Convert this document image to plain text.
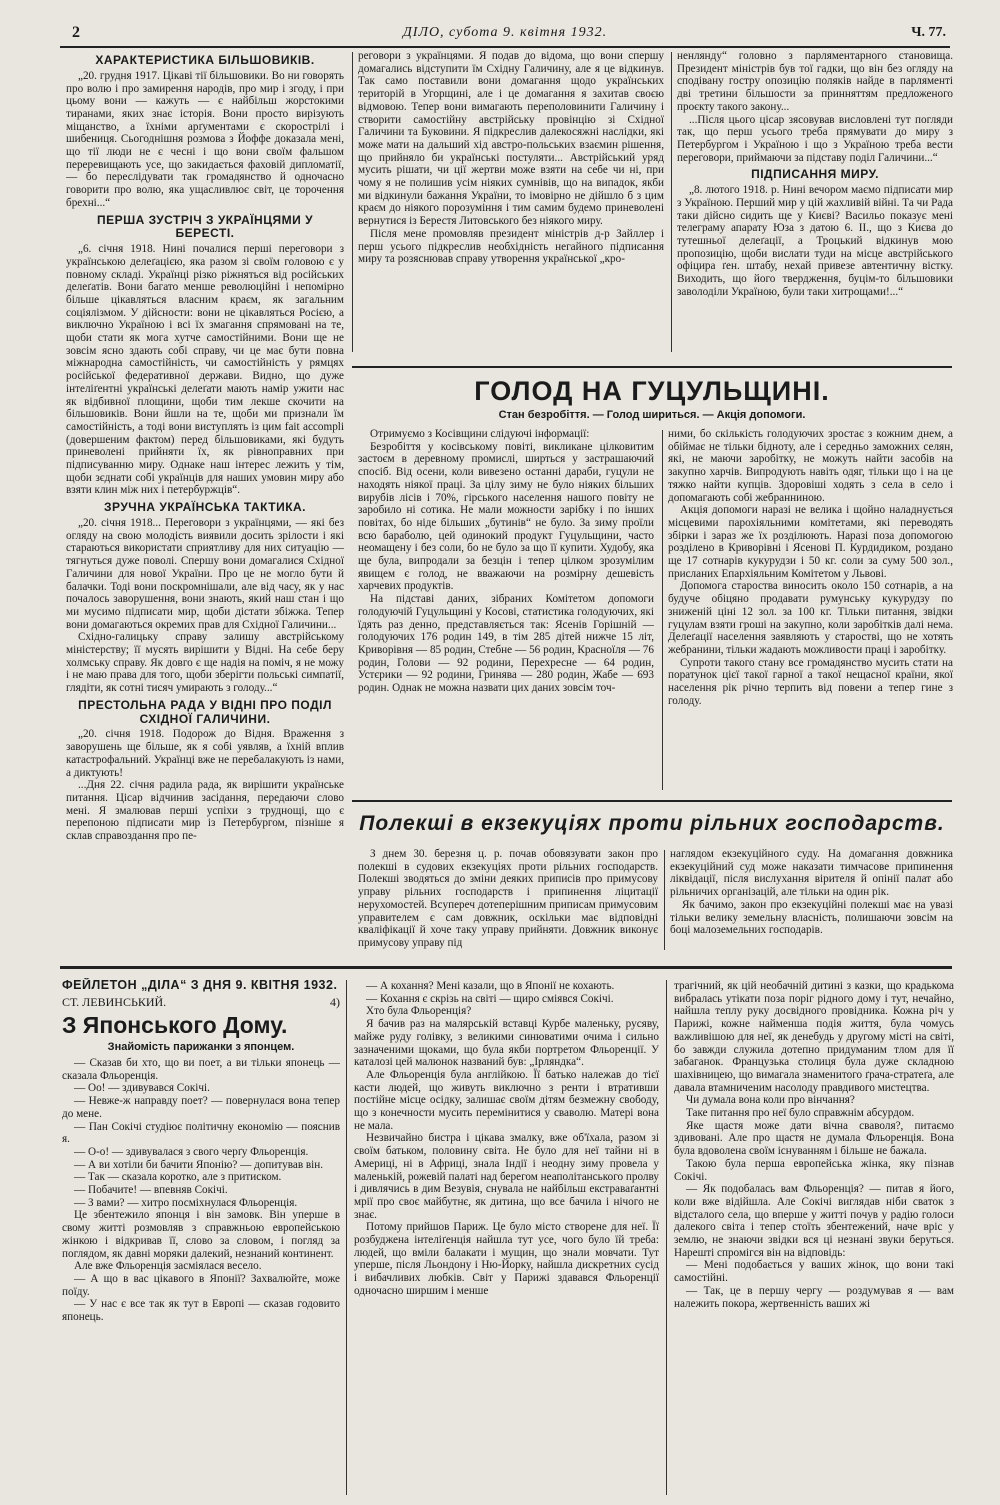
2	ДІЛО, субота 9. квітня 1932.	Ч. 77.
ХАРАКТЕРИСТИКА БІЛЬШОВИКІВ.

„20. грудня 1917. Цікаві тії більшовики. Во ни говорять про волю і про замирення народів, про мир і згоду, і при цьому вони — кажуть — є найбільш жорстокими тиранами, яких знає історія. Вони просто вирізують міщанство, а їхніми арґументами є скорострілі і шибениця. Сьогоднішня розмова з Йоффе доказала мені, що тії люди не є чесні і що вони своїм фальшом переревищають усе, що закидається фаховій дипломатії, — бо переслідувати так громадянство й одночасно говорити про волю, яка ущасливлює світ, це торочення брехні...“

ПЕРША ЗУСТРІЧ З УКРАЇНЦЯМИ У БЕРЕСТІ.

„6. січня 1918. Нині почалися перші переговори з українською делеґацією, яка разом зі своїм головою є у повному складі. Українці різко ріжняться від російських делеґатів. Вони багато менше революційні і непомірно більше цікавляться власним краєм, як загальним соціялізмом. У дійсности: вони не цікавляться Росією, а виключно Україною і всі їх змагання спрямовані на те, щоби стати як мога хутче самостійними. Вони ще не зовсім ясно здають собі справу, чи це має бути повна міжнародна самостійність, чи самостійність у рямцях російської федеративної держави. Видно, що дуже інтеліґентні українські делеґати мають намір ужити нас як відбивної площини, щоби тим лекше скочити на більшовиків. Вони йшли на те, щоби ми признали їм самостійність, а тоді вони виступлять із цим fait accompli (довершеним фактом) перед більшовиками, які будуть приневолені прийняти їх, як рівноправних при підписуванню миру. Однаке наш інтерес лежить у тім, щоби зєднати собі українців для наших умовин миру або взяти клин між них і петербуржців“.

ЗРУЧНА УКРАЇНСЬКА ТАКТИКА.

„20. січня 1918... Переговори з українцями, — які без огляду на свою молодість виявили досить зрілости і які стараються використати сприятливу для них ситуацію — тягнуться дуже поволі. Спершу вони домагалися Східної Галичини для нової України. Про це не могло бути й балачки. Тоді вони поскромнішали, але від часу, як у нас почалось заворушення, вони знають, який наш стан і що ми мусимо підписати мир, щоби дістати збіжжа. Тепер вони домагаються окремих прав для Східної Галичини...

Східно-галицьку справу залишу австрійському міністерству; її мусять вирішити у Відні. На себе беру холмську справу. Як довго є ще надія на поміч, я не можу і не маю права для того, щоби зберігти польські симпатії, глядіти, як сотні тисяч умирають з голоду...“

ПРЕСТОЛЬНА РАДА У ВІДНІ ПРО ПОДІЛ СХІДНОЇ ГАЛИЧИНИ.

„20. січня 1918. Подорож до Відня. Враження з заворушень ще більше, як я собі уявляв, а їхній вплив катастрофальний. Українці вже не перебалакують із нами, а диктують!

...Дня 22. січня радила рада, як вирішити українське питання. Цісар відчинив засідання, передаючи слово мені. Я змалював перші успіхи з труднощі, що є перепоною підписати мир із Петербургом, пізніше я склав справоздання про пе-

реговори з українцями. Я подав до відома, що вони спершу домагались відступити їм Східну Галичину, але я це відкинув. Так само поставили вони домагання щодо українських територій в Угорщині, але і це домагання я захитав своєю відмовою. Тепер вони вимагають переполовинити Галичину і створити самостійну австрійську провінцію зі Східної Галичини та Буковини. Я підкреслив далекосяжні наслідки, які може мати на дальший хід австро-польських взаємин рішення, що прийняло би українські постуляти... Австрійський уряд мусить рішати, чи ції жертви може взяти на себе чи ні, при чому я не полишив усім ніяких сумнівів, що на випадок, якби ми відкинули бажання України, то імовірно не дійшло б з цим краєм до ніякого порозуміння і тим самим будемо приневолені вернутися із Берестя Литовського без ніякого миру.

Після мене промовляв президент міністрів д-р Зайллер і перш усього підкреслив необхідність негайного підписання миру та розяснював справу утворення української „кро-

ненлянду“ головно з парляментарного становища. Президент міністрів був тої гадки, що він без огляду на сподівану гостру опозицію поляків найде в парляменті дві третини більшости за принняттям предложеного проєкту такого закону...

...Після цього цісар зясовував висловлені тут погляди так, що перш усього треба прямувати до миру з Петербургом і Україною і що з Україною треба вести переговори, приймаючи за підставу поділ Галичини...“

ПІДПИСАННЯ МИРУ.

„8. лютого 1918. р. Нині вечором маємо підписати мир з Україною. Перший мир у цій жахливій війні. Та чи Рада таки дійсно сидить ще у Києві? Васильо показує мені телеграму апарату Юза з датою 6. II., що з Києва до тутешньої делеґації, а Троцький відкинув мою пропозицію, щоби вислати туди на місце австрійського офіцира ґен. штабу, нехай привезе автентичну вістку. Виходить, що його твердження, буцім-то більшовики заволоділи Україною, були таки хитрощами!...“

ГОЛОД НА ГУЦУЛЬЩИНІ.
Стан безробіття. — Голод шириться. — Акція допомоги.

Отримуємо з Косівщини слідуючі інформації:

Безробіття у косівському повіті, викликане цілковитим застоєм в деревному промислі, ширться у застрашаючий спосіб. Від осени, коли вивезено останні дараби, гуцули не находять ніякої праці. За цілу зиму не було ніяких більших вирубів лісів і 70%, гірського населення нашого повіту не заробило ні сотика. Не мали можности зарібку і по інших повітах, бо ніде більших „бутинів“ не було. За зиму проїли всю бараболю, цей одинокий продукт Гуцульщини, часто неомащену і без соли, бо не було за що її купити. Худобу, яка ще була, випродали за безцін і тепер цілком зрозумілим явищем є голод, не вважаючи на розмірну дешевість харчевих продуктів.

На підставі даних, зібраних Комітетом допомоги голодуючій Гуцульщині у Косові, статистика голодуючих, які їдять раз денно, представляється так: Ясенів Горішній — голодуючих 176 родин 149, в тім 285 дітей нижче 15 літ, Криворівня — 85 родин, Стебне — 56 родин, Красноїля — 76 родин, Голови — 92 родини, Перехресне — 64 родин, Устєрики — 92 родини, Гринява — 280 родин, Жабе — 693 родин. Однак не можна назвати цих даних зовсім точ-

ними, бо скількість голодуючих зростає з кожним днем, а обіймає не тільки бідноту, але і середньо заможних селян, які, не маючи заробітку, не можуть найти засобів на закупно харчів. Випродують навіть одяг, тільки що і на це тяжко найти купців. Здоровіші ходять з села в село і допомагають собі жебранниною.

Акція допомоги наразі не велика і щойно наладнується місцевими парохіяльними комітетами, які переводять збірки і зараз же їх роздiлюють. Наразі поза допомогою розділено в Криворівні і Ясенові П. Курдидиком, роздано ще 17 сотнарів кукурудзи і 50 кг. соли за суму 500 зол., присланих Епархіяльним Комітетом у Львові.

Допомога староства виносить около 150 сотнарів, а на будуче обіцяно продавати румунську кукурудзу по зниженій ціні 12 зол. за 100 кг. Тільки питання, звідки гуцулам взяти гроші на закупно, коли заробітків далі нема. Делеґації населення заявляють у старостві, що не хотять жебранини, тільки жадають можливости праці і заробітку.

Супроти такого стану все громадянство мусить стати на поратунок цієї такої гарної а такої нещасної країни, якої населення рік річно терпить від повени а тепер гине з голоду.

Полекші в екзекуціях проти рільних господарств.

З днем 30. березня ц. р. почав обовязувати закон про полекші в судових екзекуціях проти рільних господарств. Полекші зводяться до зміни деяких приписів про примусову управу рільних господарств і припинення ліцитації нерухомостей. Вcупереч дотеперішним приписам примусовим управителем є сам довжник, оскільки має відповідні кваліфікації й хоче таку управу прийняти. Довжник виконує примусову управу під

наглядом екзекуційного суду. На домагання довжника екзекуційний суд може наказати тимчасове припинення ліквідації, після вислухання вірителя й опінії палат або рільничих організацій, але тільки на один рік.

Як бачимо, закон про екзекуційні полекші має на увазі тільки велику земельну власність, полишаючи зовсім на боці малоземельних господарів.

ФЕЙЛЕТОН „ДІЛА“ З ДНЯ 9. КВІТНЯ 1932.
СТ. ЛЕВИНСЬКИЙ.	4)
З Японського Дому.
Знайомість парижанки з японцем.

— Сказав би хто, що ви поет, а ви тільки японець — сказала Фльоренція.

— Оо! — здивувався Сокічі.

— Невже-ж направду поет? — повернулася вона тепер до мене.

— Пан Сокічі студіює політичну економію — пояснив я.

— О-о! — здивувалася з свого черґу Фльоренція.

— А ви хотіли би бачити Японію? — допитував він.

— Так — сказала коротко, але з притиском.

— Побачите! — впевняв Сокічі.

— З вами? — хитро посміхнулася Фльоренція.

Це збентежило японця і він замовк. Він уперше в свому житті розмовляв з справжньою европейською жінкою і відкривав її, слово за словом, і погляд за поглядом, як давні моряки далекий, незнаний континент.

Але вже Фльоренція засміялася весело.

— А що в вас цікавого в Японії? Захвалюйте, може поїду.

— У нас є все так як тут в Европі — сказав годовито японець.

— А кохання? Мені казали, що в Японії не кохають.

— Кохання є скрізь на світі — щиро сміявся Сокічі.

Хто була Фльоренція?

Я бачив раз на малярській вставці Курбе маленьку, русяву, майже руду голівку, з великими синюватими очима і сильно зазначеними щоками, що була якби портретом Фльоренції. У каталозі цей малюнок названий був: „Ірляндка“.

Але Фльоренція була англійкою. Її батько належав до тієї касти людей, що живуть виключно з ренти і втративши постійне місце осідку, залишає своїм дітям безмежну свободу, що з конечности мусить перемінитися у сваволю. Матері вона не мала.

Незвичайно бистра і цікава змалку, вже об'їхала, разом зі своїм батьком, половину світа. Не було для неї тайни ні в Америці, ні в Африці, знала Індії і неодну зиму провела у маленькій, рожевій палаті над берегом неаполітанського пролву і дивлячись в дим Везувія, снувала не найбільш екстраваґантні мрії про своє майбутнє, як дитина, що все бачила і нічого не знає.

Потому прийшов Париж. Це було місто створене для неї. Її розбуджена інтеліґенція найшла тут усе, чого було їй треба: людей, що вміли балакати і мущин, що знали мовчати. Тут уперше, після Льондону і Ню-Йорку, найшла дискретних сусід і вибачливих любків. Світ у Парижі здавався Фльоренції одночасно ширшим і менше

трагічний, як цій необачній дитині з казки, що крадькома вибралась утікати поза поріг рідного дому і тут, нечайно, найшла теплу руку досвідного провідника. Кожна річ у Парижі, кожне найменша подія життя, була чомусь важливішою для неї, як денебудь у другому місті на світі, бо завжди служила дотепно придуманим тлом для її забаганок. Французька столиця була дуже складною шахівницею, що вимагала знаменитого ґрача-стратеґа, але давала втамниченим насолоду правдивого мистецтва.

Чи думала вона коли про вінчання?

Таке питання про неї було справжнім абсурдом.

Яке щастя може дати вічна сваволя?, питаємо здивовані. Але про щастя не думала Фльоренція. Вона була вдоволена своїм існуванням і більше не бажала.

Такою була перша европейська жінка, яку пізнав Сокічі.

— Як подобалась вам Фльоренція? — питав я його, коли вже відійшла. Але Сокічі виглядав ніби сваток з відсталого села, що вперше у житті почув у радію голоси далекого світа і тепер стоїть збентежений, наче вріс у землю, не знаючи звідки вся ці незнані звуки беруться. Нарешті спромігся він на відповідь:

— Мені подобається у ваших жінок, що вони такі самостійні.

— Так, це в першу чергу — роздумував я — вам належить покора, жертвенність ваших жі
